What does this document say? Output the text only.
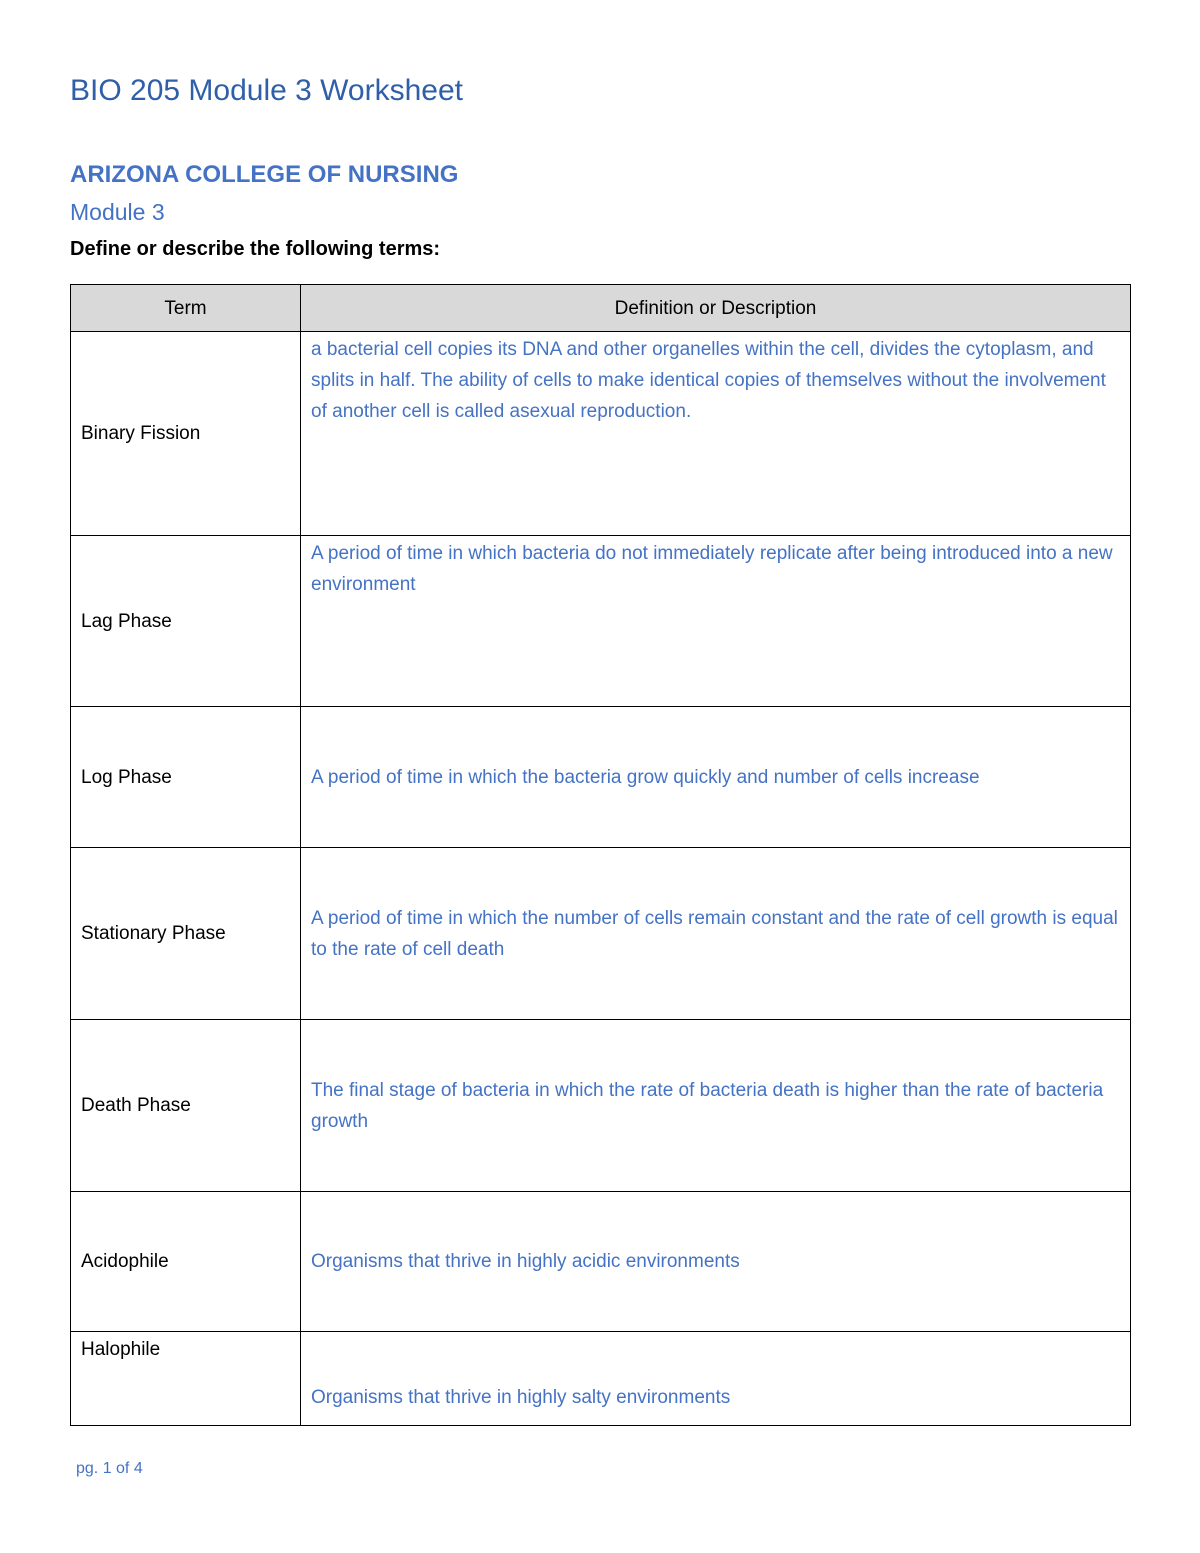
BIO 205 Module 3 Worksheet
ARIZONA COLLEGE OF NURSING
Module 3
Define or describe the following terms:
Term	Definition or Description
Binary Fission	a bacterial cell copies its DNA and other organelles within the cell, divides the cytoplasm, and splits in half. The ability of cells to make identical copies of themselves without the involvement of another cell is called asexual reproduction.
Lag Phase	A period of time in which bacteria do not immediately replicate after being introduced into a new environment
Log Phase	A period of time in which the bacteria grow quickly and number of cells increase
Stationary Phase	A period of time in which the number of cells remain constant and the rate of cell growth is equal to the rate of cell death
Death Phase	The final stage of bacteria in which the rate of bacteria death is higher than the rate of bacteria growth
Acidophile	Organisms that thrive in highly acidic environments
Halophile	Organisms that thrive in highly salty environments
pg. 1 of 4
